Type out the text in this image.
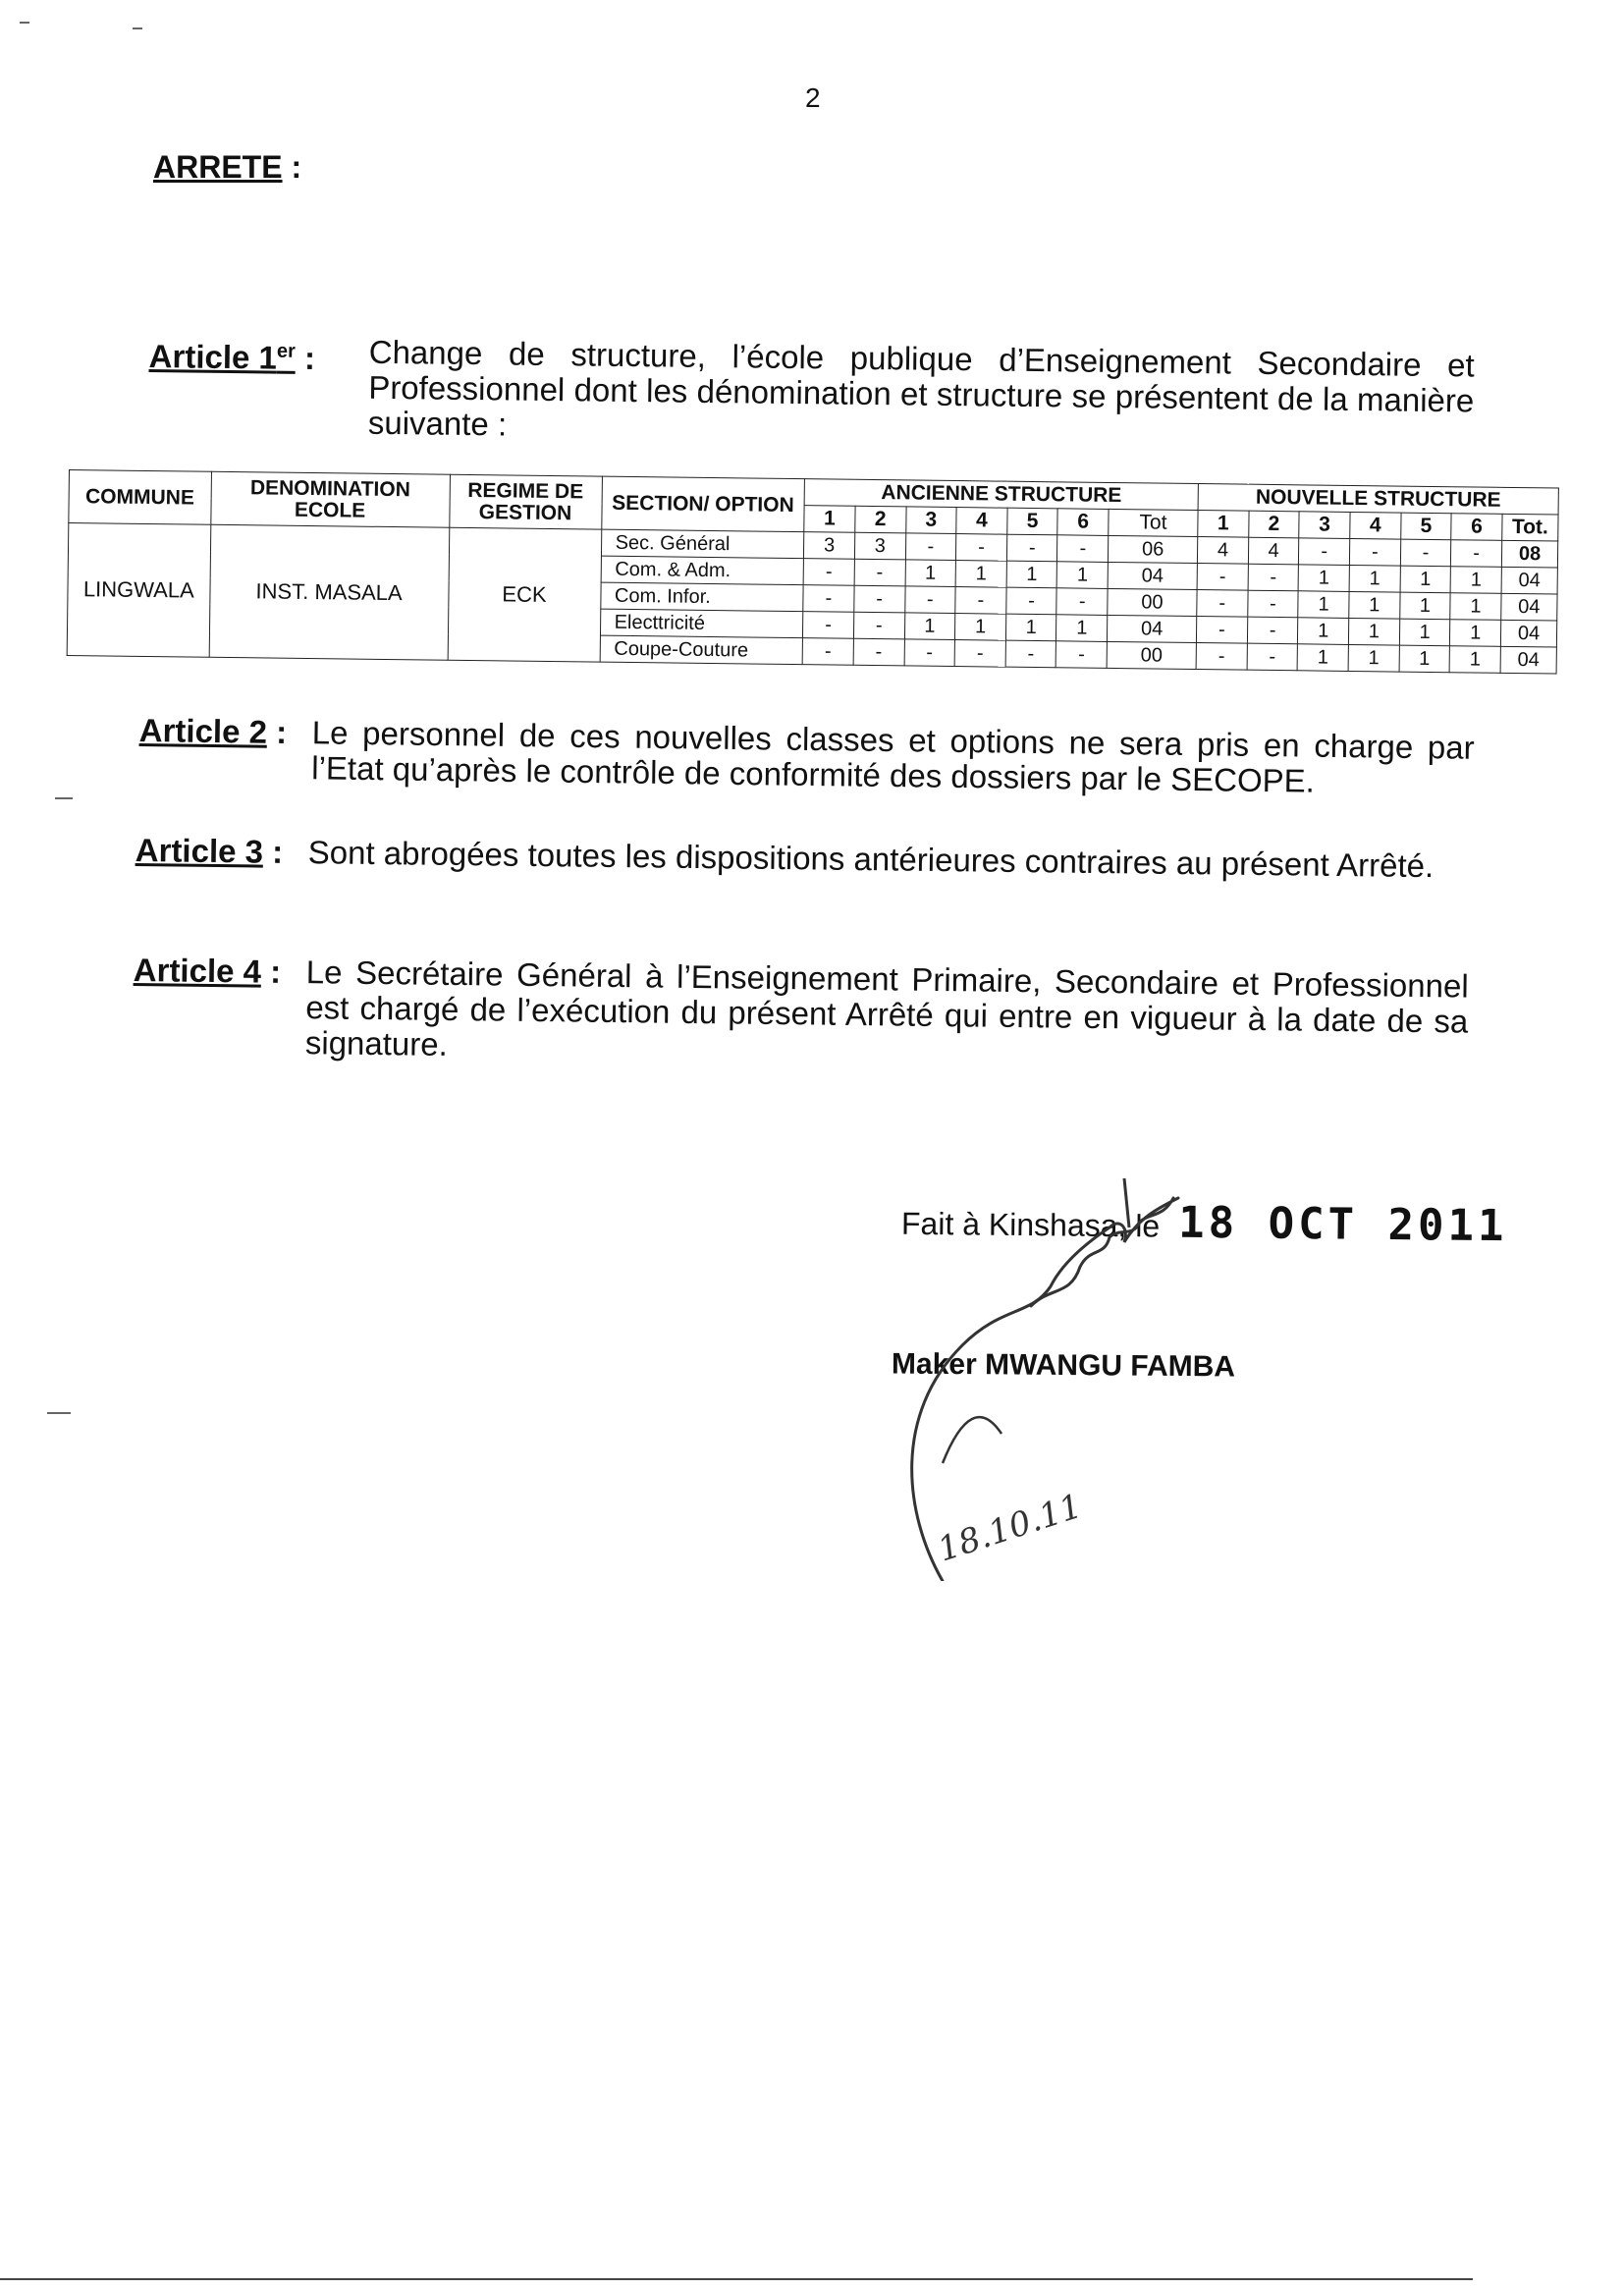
2
ARRETE :
Article 1er :	Change de structure, l’école publique d’Enseignement Secondaire et Professionnel dont les dénomination et structure se présentent de la manière suivante :

COMMUNE	DENOMINATION ECOLE	REGIME DE GESTION	SECTION/ OPTION	ANCIENNE STRUCTURE							NOUVELLE STRUCTURE						
				1	2	3	4	5	6	Tot	1	2	3	4	5	6	Tot.
LINGWALA	INST. MASALA	ECK	Sec. Général	3	3	-	-	-	-	06	4	4	-	-	-	-	08
			Com. & Adm.	-	-	1	1	1	1	04	-	-	1	1	1	1	04
			Com. Infor.	-	-	-	-	-	-	00	-	-	1	1	1	1	04
			Electtricité	-	-	1	1	1	1	04	-	-	1	1	1	1	04
			Coupe-Couture	-	-	-	-	-	-	00	-	-	1	1	1	1	04
Article 2 : Le personnel de ces nouvelles classes et options ne sera pris en charge par l’Etat qu’après le contrôle de conformité des dossiers par le SECOPE.

Article 3 : Sont abrogées toutes les dispositions antérieures contraires au présent Arrêté.

Article 4 : Le Secrétaire Général à l’Enseignement Primaire, Secondaire et Professionnel est chargé de l’exécution du présent Arrêté qui entre en vigueur à la date de sa signature.

Fait à Kinshasa, le 18 OCT 2011
Maker MWANGU FAMBA
18.10.11
